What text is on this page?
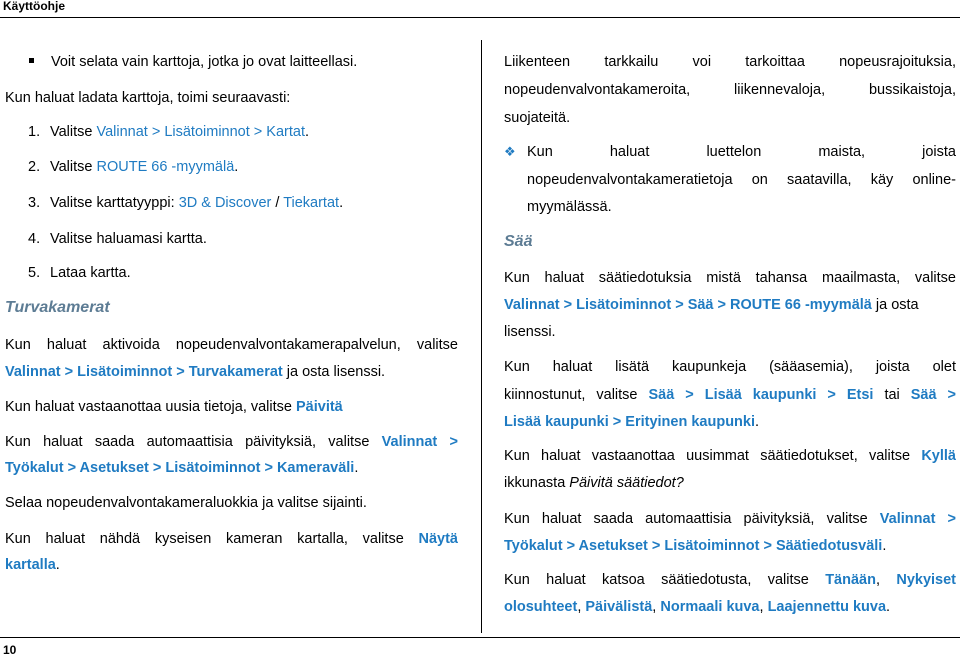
Käyttöohje
10
Voit selata vain karttoja, jotka jo ovat laitteellasi.
Kun haluat ladata karttoja, toimi seuraavasti:
1. Valitse Valinnat > Lisätoiminnot > Kartat.
2. Valitse ROUTE 66 -myymälä.
3. Valitse karttatyyppi: 3D & Discover / Tiekartat.
4. Valitse haluamasi kartta.
5. Lataa kartta.
Turvakamerat
Kun haluat aktivoida nopeudenvalvontakamerapalvelun, valitse
Valinnat > Lisätoiminnot > Turvakamerat ja osta lisenssi.
Kun haluat vastaanottaa uusia tietoja, valitse Päivitä
Kun haluat saada automaattisia päivityksiä, valitse Valinnat >
Työkalut > Asetukset > Lisätoiminnot > Kameraväli.
Selaa nopeudenvalvontakameraluokkia ja valitse sijainti.
Kun haluat nähdä kyseisen kameran kartalla, valitse Näytä
kartalla.
Liikenteen tarkkailu voi tarkoittaa nopeusrajoituksia,
nopeudenvalvontakameroita, liikennevaloja, bussikaistoja,
suojateitä.
❖ Kun haluat luettelon maista, joista
nopeudenvalvontakameratietoja on saatavilla, käy online-
myymälässä.
Sää
Kun haluat säätiedotuksia mistä tahansa maailmasta, valitse
Valinnat > Lisätoiminnot > Sää > ROUTE 66 -myymälä ja osta
lisenssi.
Kun haluat lisätä kaupunkeja (sääasemia), joista olet
kiinnostunut, valitse Sää > Lisää kaupunki > Etsi tai Sää >
Lisää kaupunki > Erityinen kaupunki.
Kun haluat vastaanottaa uusimmat säätiedotukset, valitse Kyllä
ikkunasta Päivitä säätiedot?
Kun haluat saada automaattisia päivityksiä, valitse Valinnat >
Työkalut > Asetukset > Lisätoiminnot > Säätiedotusväli.
Kun haluat katsoa säätiedotusta, valitse Tänään, Nykyiset
olosuhteet, Päivälistä, Normaali kuva, Laajennettu kuva.
